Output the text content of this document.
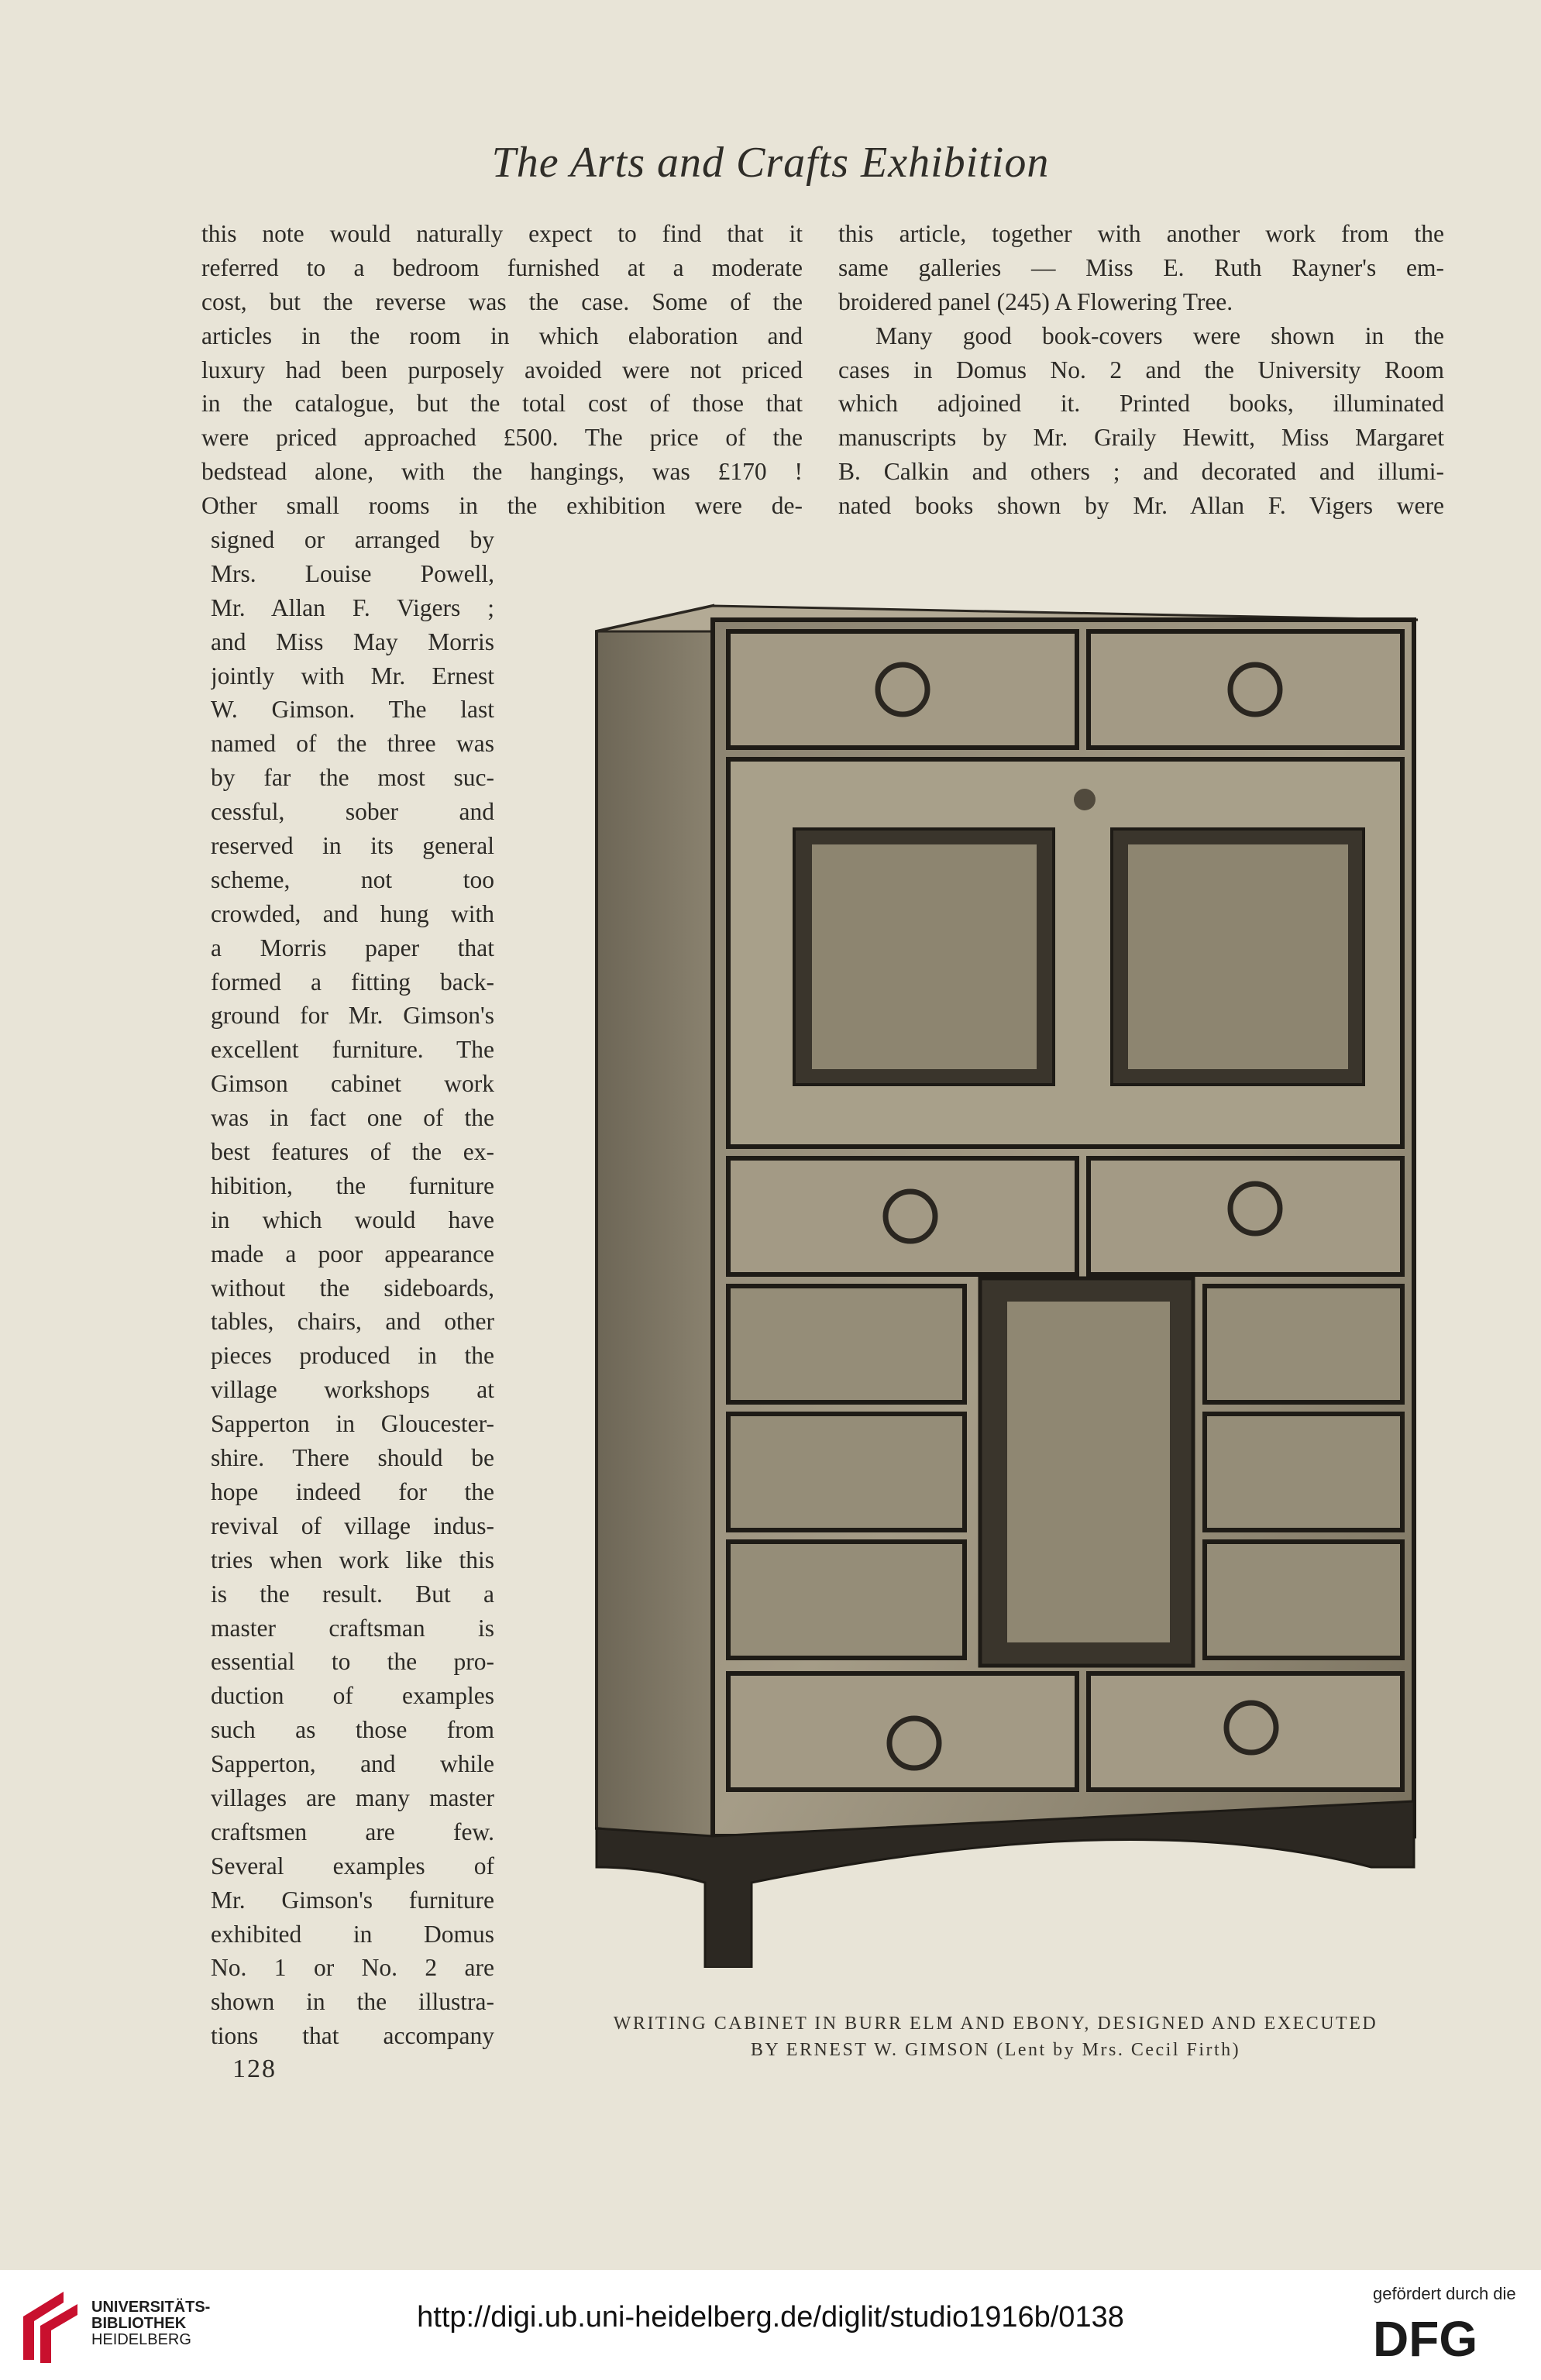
The Arts and Crafts Exhibition
this note would naturally expect to find that it
referred to a bedroom furnished at a moderate
cost, but the reverse was the case. Some of the
articles in the room in which elaboration and
luxury had been purposely avoided were not priced
in the catalogue, but the total cost of those that
were priced approached £500. The price of the
bedstead alone, with the hangings, was £170 !
Other small rooms in the exhibition were de-
signed or arranged by
Mrs. Louise Powell,
Mr. Allan F. Vigers ;
and Miss May Morris
jointly with Mr. Ernest
W. Gimson. The last
named of the three was
by far the most suc-
cessful, sober and
reserved in its general
scheme, not too
crowded, and hung with
a Morris paper that
formed a fitting back-
ground for Mr. Gimson's
excellent furniture. The
Gimson cabinet work
was in fact one of the
best features of the ex-
hibition, the furniture
in which would have
made a poor appearance
without the sideboards,
tables, chairs, and other
pieces produced in the
village workshops at
Sapperton in Gloucester-
shire. There should be
hope indeed for the
revival of village indus-
tries when work like this
is the result. But a
master craftsman is
essential to the pro-
duction of examples
such as those from
Sapperton, and while
villages are many master
craftsmen are few.
Several examples of
Mr. Gimson's furniture
exhibited in Domus
No. 1 or No. 2 are
shown in the illustra-
tions that accompany
this article, together with another work from the
same galleries — Miss E. Ruth Rayner's em-
broidered panel (245) A Flowering Tree.
Many good book-covers were shown in the
cases in Domus No. 2 and the University Room
which adjoined it. Printed books, illuminated
manuscripts by Mr. Graily Hewitt, Miss Margaret
B. Calkin and others ; and decorated and illumi-
nated books shown by Mr. Allan F. Vigers were
128
WRITING CABINET IN BURR ELM AND EBONY, DESIGNED AND EXECUTED
BY ERNEST W. GIMSON (Lent by Mrs. Cecil Firth)
UNIVERSITÄTS-
BIBLIOTHEK
HEIDELBERG
http://digi.ub.uni-heidelberg.de/diglit/studio1916b/0138
gefördert durch die
DFG
